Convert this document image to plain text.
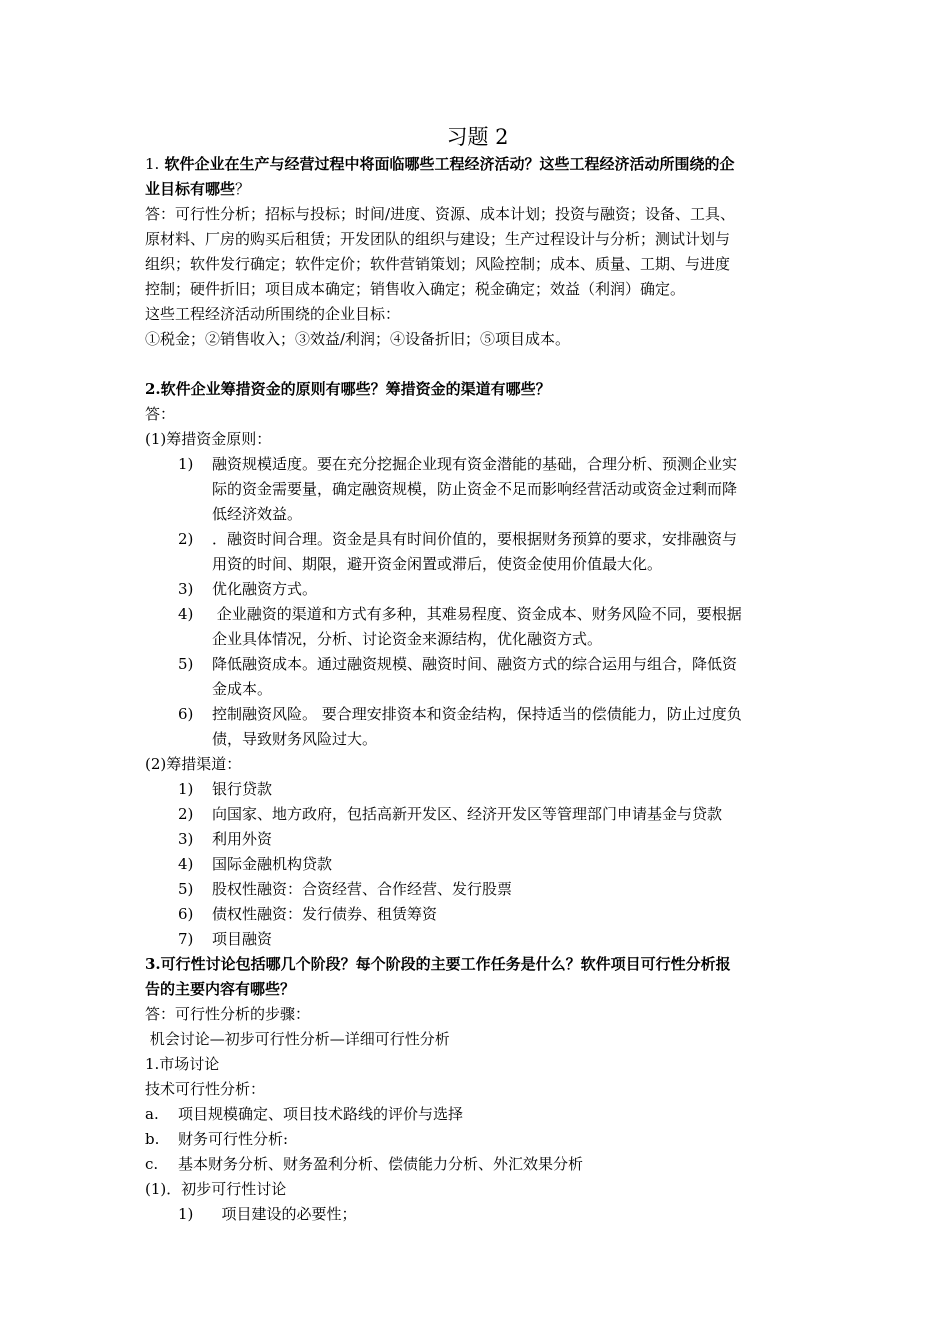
习题 2
1. 软件企业在生产与经营过程中将面临哪些工程经济活动？这些工程经济活动所围绕的企
业目标有哪些？
答：可行性分析；招标与投标；时间/进度、资源、成本计划；投资与融资；设备、工具、
原材料、厂房的购买后租赁；开发团队的组织与建设；生产过程设计与分析；测试计划与
组织；软件发行确定；软件定价；软件营销策划；风险控制；成本、质量、工期、与进度
控制；硬件折旧；项目成本确定；销售收入确定；税金确定；效益（利润）确定。
这些工程经济活动所围绕的企业目标：
①税金；②销售收入；③效益/利润；④设备折旧；⑤项目成本。
2.软件企业筹措资金的原则有哪些？筹措资金的渠道有哪些？
答：
(1)筹措资金原则：
1) 融资规模适度。要在充分挖掘企业现有资金潜能的基础，合理分析、预测企业实
际的资金需要量，确定融资规模，防止资金不足而影响经营活动或资金过剩而降
低经济效益。
2) ．融资时间合理。资金是具有时间价值的，要根据财务预算的要求，安排融资与
用资的时间、期限，避开资金闲置或滞后，使资金使用价值最大化。
3) 优化融资方式。
4) 企业融资的渠道和方式有多种，其难易程度、资金成本、财务风险不同，要根据
企业具体情况，分析、讨论资金来源结构，优化融资方式。
5) 降低融资成本。通过融资规模、融资时间、融资方式的综合运用与组合，降低资
金成本。
6) 控制融资风险。 要合理安排资本和资金结构，保持适当的偿债能力，防止过度负
债，导致财务风险过大。
(2)筹措渠道：
1) 银行贷款
2) 向国家、地方政府，包括高新开发区、经济开发区等管理部门申请基金与贷款
3) 利用外资
4) 国际金融机构贷款
5) 股权性融资：合资经营、合作经营、发行股票
6) 债权性融资：发行债券、租赁筹资
7) 项目融资
3.可行性讨论包括哪几个阶段？每个阶段的主要工作任务是什么？软件项目可行性分析报
告的主要内容有哪些？
答：可行性分析的步骤：
机会讨论—初步可行性分析—详细可行性分析
1.市场讨论
技术可行性分析：
a. 项目规模确定、项目技术路线的评价与选择
b. 财务可行性分析:
c. 基本财务分析、财务盈利分析、偿债能力分析、外汇效果分析
(1)．初步可行性讨论
1) 项目建设的必要性；
